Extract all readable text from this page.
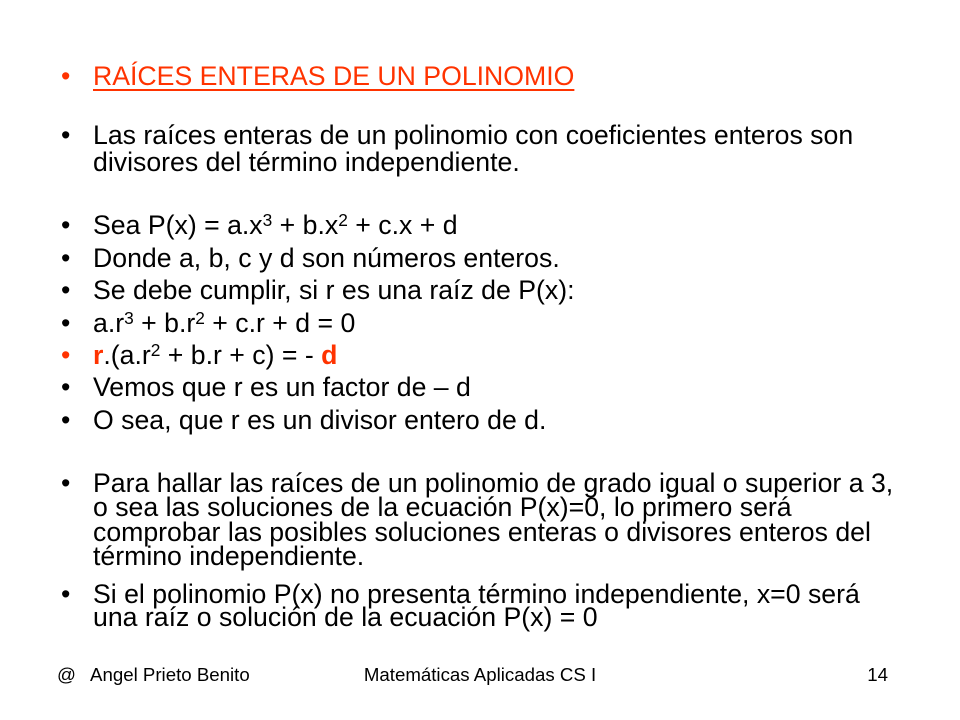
• RAÍCES ENTERAS DE UN POLINOMIO
• Las raíces enteras de un polinomio con coeficientes enteros son
divisores del término independiente.
• Sea $P(x) = a.x^3 + b.x^2 + c.x + d$
• Donde a, b, c y d son números enteros.
• Se debe cumplir, si r es una raíz de P(x):
• $a.r^3 + b.r^2 + c.r + d = 0$
• $r.(a.r^2 + b.r + c)$ = - d
• Vemos que r es un factor de – d
• O sea, que r es un divisor entero de d.
• Para hallar las raíces de un polinomio de grado igual o superior a 3,
o sea las soluciones de la ecuación P(x)=0, lo primero será
comprobar las posibles soluciones enteras o divisores enteros del
término independiente.
• Si el polinomio P(x) no presenta término independiente, x=0 será
una raíz o solución de la ecuación P(x) = 0
@ Angel Prieto Benito	Matemáticas Aplicadas CS I	14
